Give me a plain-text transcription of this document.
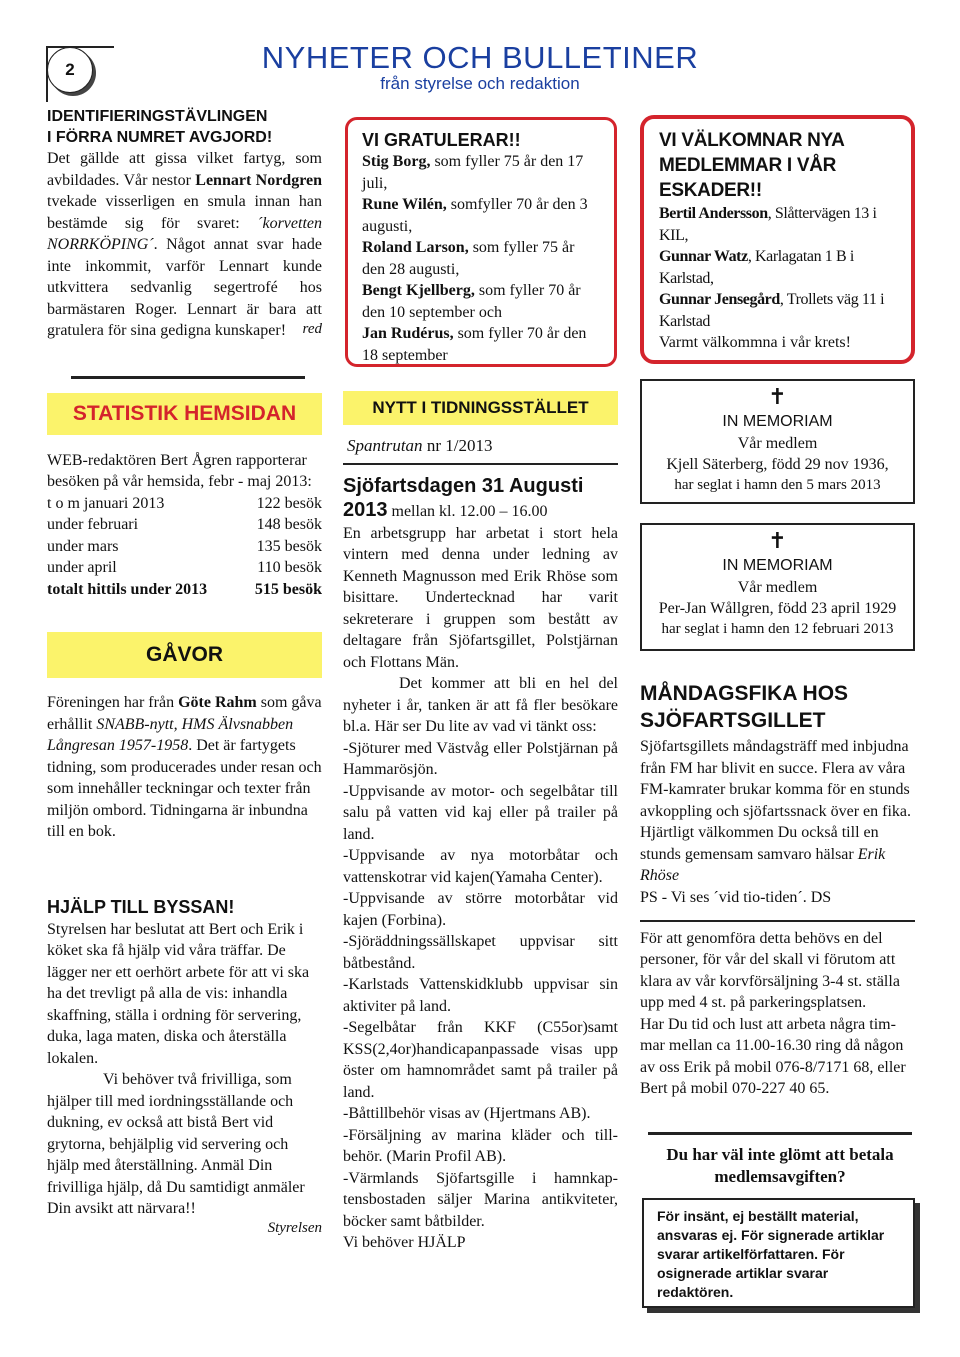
2	NYHETER OCH BULLETINER
från styrelse och redaktion
IDENTIFIERINGSTÄVLINGEN
I FÖRRA NUMRET AVGJORD!

Det gällde att gissa vilket fartyg, som avbildades. Vår nestor Lennart Nordgren tvekade visserligen en smula innan han bestämde sig för svaret: ´korvetten NORRKÖPING´. Något annat svar hade inte inkommit, varför Lennart kunde utkvittera sedvanlig segertrofé hos barmästaren Roger. Lennart är bara att gratulera för sina gedigna kunskaper!	red
STATISTIK HEMSIDAN

WEB-redaktören Bert Ågren rapporterar besöken på vår hemsida, febr - maj 2013:

t o m januari 2013	122 besök
under februari	148 besök
under mars	135 besök
under april	110 besök
totalt hittils under 2013	515 besök
GÅVOR

Föreningen har från Göte Rahm som gåva erhållit SNABB-nytt, HMS Älvsnabben Långresan 1957-1958. Det är fartygets tidning, som producerades under resan och som innehåller teckningar och texter från miljön ombord. Tidningarna är inbundna till en bok.

HJÄLP TILL BYSSAN!

Styrelsen har beslutat att Bert och Erik i köket ska få hjälp vid våra träffar. De lägger ner ett oerhört arbete för att vi ska ha det trevligt på alla de vis: inhandla skaffning, ställa i ordning för servering, duka, laga maten, diska och återställa lokalen.

Vi behöver två frivilliga, som hjälper till med iordningsställande och dukning, ev också att bistå Bert vid grytorna, behjälplig vid servering och hjälp med återställning. Anmäl Din frivilliga hjälp, då Du samtidigt anmäler Din avsikt att närvara!!

Styrelsen
VI GRATULERAR!!

Stig Borg, som fyller 75 år den 17 juli,

Rune Wilén, somfyller 70 år den 3 augusti,

Roland Larson, som fyller 75 år den 28 augusti,

Bengt Kjellberg, som fyller 70 år den 10 september och

Jan Rudérus, som fyller 70 år den 18 september

NYTT I TIDNINGSSTÄLLET
Spantrutan nr 1/2013
Sjöfartsdagen 31 Augusti
2013 mellan kl. 12.00 – 16.00

En arbetsgrupp har arbetat i stort hela vintern med denna under ledning av Kenneth Magnusson med Erik Rhöse som bisittare. Undertecknad har varit sekreterare i gruppen som bestått av deltagare från Sjöfartsgillet, Polstjärnan och Flottans Män.

Det kommer att bli en hel del nyheter i år, tanken är att få fler besökare bl.a. Här ser Du lite av vad vi tänkt oss:

-Sjöturer med Västvåg eller Polstjärnan på Hammarösjön.

-Uppvisande av motor- och segelbåtar till salu på vatten vid kaj eller på trailer på land.

-Uppvisande av nya motorbåtar och vattenskotrar vid kajen(Yamaha Center).

-Uppvisande av större motorbåtar vid kajen (Forbina).

-Sjöräddningssällskapet uppvisar sitt båtbestånd.

-Karlstads Vattenskidklubb uppvisar sin aktiviter på land.

-Segelbåtar från KKF (C55or)samt KSS(2,4or)handicapanpassade visas upp öster om hamnområdet samt på trailer på land.

-Båttillbehör visas av (Hjertmans AB).

-Försäljning av marina kläder och tillbehör. (Marin Profil AB).

-Värmlands Sjöfartsgille i hamnkaptensbostaden säljer Marina antikviteter, böcker samt båtbilder.

Vi behöver HJÄLP

VI VÄLKOMNAR NYA MEDLEMMAR I VÅR ESKADER!!

Bertil Andersson, Slåttervägen 13 i KIL,

Gunnar Watz, Karlagatan 1 B i Karlstad,

Gunnar Jensegård, Trollets väg 11 i Karlstad

Varmt välkommna i vår krets!

✝
IN MEMORIAM
Vår medlem
Kjell Säterberg, född 29 nov 1936,
har seglat i hamn den 5 mars 2013
✝
IN MEMORIAM
Vår medlem
Per-Jan Wållgren, född 23 april 1929
har seglat i hamn den 12 februari 2013
MÅNDAGSFIKA HOS
SJÖFARTSGILLET

Sjöfartsgillets måndagsträff med inbjudna från FM har blivit en succe. Flera av våra FM-kamrater brukar komma för en stunds avkoppling och sjöfartssnack över en fika. Hjärtligt välkommen Du också till en stunds gemensam samvaro hälsar Erik Rhöse

PS - Vi ses ´vid tio-tiden´. DS

För att genomföra detta behövs en del personer, för vår del skall vi förutom att klara av vår korvförsäljning 3-4 st. ställa upp med 4 st. på parkeringsplatsen.

Har Du tid och lust att arbeta några timmar mellan ca 11.00-16.30 ring då någon av oss Erik på mobil 076-8/7171 68, eller Bert på mobil 070-227 40 65.

Du har väl inte glömt att betala medlemsavgiften?
För insänt, ej beställt material, ansvaras ej. För signerade artiklar svarar artikelförfattaren. För osignerade artiklar svarar redaktören.
